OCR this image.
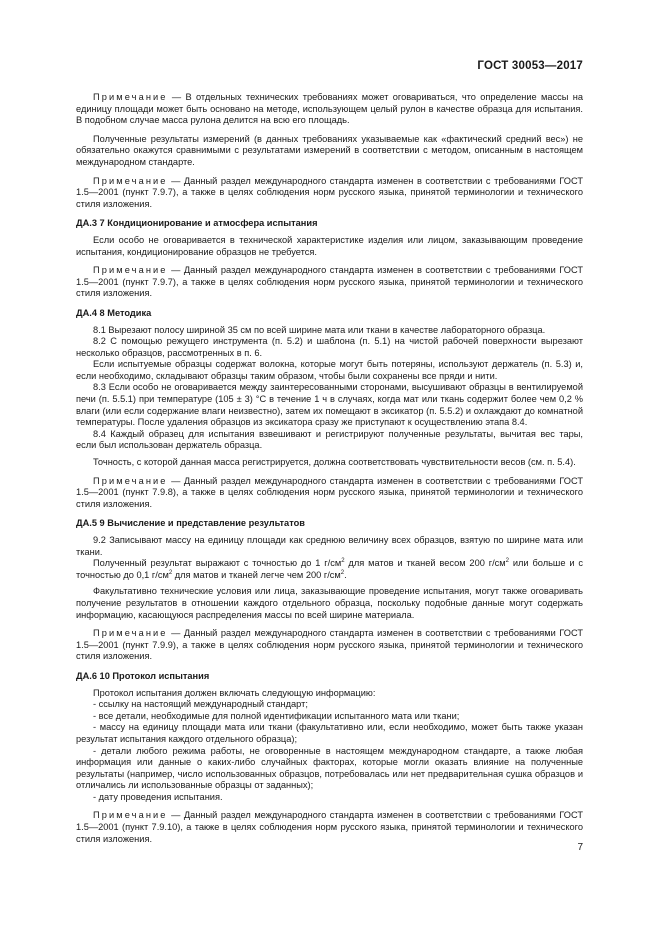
ГОСТ 30053—2017

Примечание — В отдельных технических требованиях может оговариваться, что определение массы на единицу площади может быть основано на методе, использующем целый рулон в качестве образца для испытания. В подобном случае масса рулона делится на всю его площадь.

Полученные результаты измерений (в данных требованиях указываемые как «фактический средний вес») не обязательно окажутся сравнимыми с результатами измерений в соответствии с методом, описанным в настоящем международном стандарте.

Примечание — Данный раздел международного стандарта изменен в соответствии с требованиями ГОСТ 1.5—2001 (пункт 7.9.7), а также в целях соблюдения норм русского языка, принятой терминологии и технического стиля изложения.

ДА.3 7 Кондиционирование и атмосфера испытания

Если особо не оговаривается в технической характеристике изделия или лицом, заказывающим проведение испытания, кондиционирование образцов не требуется.

Примечание — Данный раздел международного стандарта изменен в соответствии с требованиями ГОСТ 1.5—2001 (пункт 7.9.7), а также в целях соблюдения норм русского языка, принятой терминологии и технического стиля изложения.

ДА.4 8 Методика

8.1 Вырезают полосу шириной 35 см по всей ширине мата или ткани в качестве лабораторного образца.

8.2 С помощью режущего инструмента (п. 5.2) и шаблона (п. 5.1) на чистой рабочей поверхности вырезают несколько образцов, рассмотренных в п. 6.

Если испытуемые образцы содержат волокна, которые могут быть потеряны, используют держатель (п. 5.3) и, если необходимо, складывают образцы таким образом, чтобы были сохранены все пряди и нити.

8.3 Если особо не оговаривается между заинтересованными сторонами, высушивают образцы в вентилируемой печи (п. 5.5.1) при температуре (105 ± 3) °С в течение 1 ч в случаях, когда мат или ткань содержит более чем 0,2 % влаги (или если содержание влаги неизвестно), затем их помещают в эксикатор (п. 5.5.2) и охлаждают до комнатной температуры. После удаления образцов из эксикатора сразу же приступают к осуществлению этапа 8.4.

8.4 Каждый образец для испытания взвешивают и регистрируют полученные результаты, вычитая вес тары, если был использован держатель образца.

Точность, с которой данная масса регистрируется, должна соответствовать чувствительности весов (см. п. 5.4).

Примечание — Данный раздел международного стандарта изменен в соответствии с требованиями ГОСТ 1.5—2001 (пункт 7.9.8), а также в целях соблюдения норм русского языка, принятой терминологии и технического стиля изложения.

ДА.5 9 Вычисление и представление результатов

9.2 Записывают массу на единицу площади как среднюю величину всех образцов, взятую по ширине мата или ткани.

Полученный результат выражают с точностью до 1 $г/см^2$ для матов и тканей весом 200 $г/см^2$ или больше и с точностью до 0,1 $г/см^2$ для матов и тканей легче чем 200 $г/см^2$.

Факультативно технические условия или лица, заказывающие проведение испытания, могут также оговаривать получение результатов в отношении каждого отдельного образца, поскольку подобные данные могут содержать информацию, касающуюся распределения массы по всей ширине материала.

Примечание — Данный раздел международного стандарта изменен в соответствии с требованиями ГОСТ 1.5—2001 (пункт 7.9.9), а также в целях соблюдения норм русского языка, принятой терминологии и технического стиля изложения.

ДА.6 10 Протокол испытания

Протокол испытания должен включать следующую информацию:

- ссылку на настоящий международный стандарт;

- все детали, необходимые для полной идентификации испытанного мата или ткани;

- массу на единицу площади мата или ткани (факультативно или, если необходимо, может быть также указан результат испытания каждого отдельного образца);

- детали любого режима работы, не оговоренные в настоящем международном стандарте, а также любая информация или данные о каких-либо случайных факторах, которые могли оказать влияние на полученные результаты (например, число использованных образцов, потребовалась или нет предварительная сушка образцов и отличались ли использованные образцы от заданных);

- дату проведения испытания.

Примечание — Данный раздел международного стандарта изменен в соответствии с требованиями ГОСТ 1.5—2001 (пункт 7.9.10), а также в целях соблюдения норм русского языка, принятой терминологии и технического стиля изложения.

7
